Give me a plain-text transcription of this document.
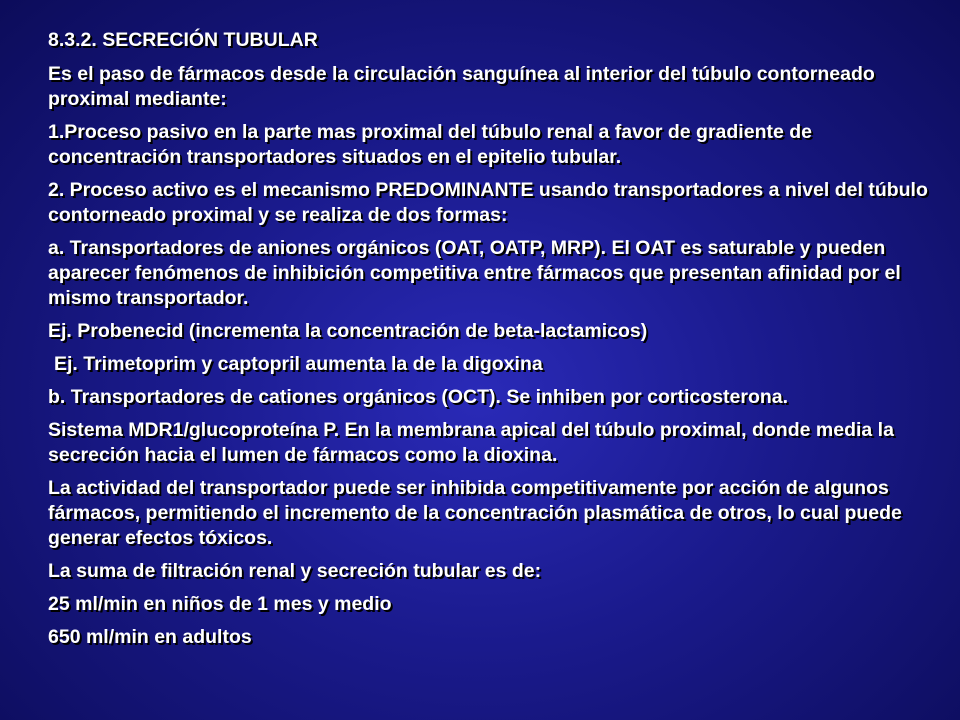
8.3.2. SECRECIÓN TUBULAR

Es el paso de fármacos desde la circulación sanguínea al interior del túbulo contorneado proximal mediante:

1.Proceso pasivo en la parte mas proximal del túbulo renal a favor de gradiente de concentración transportadores situados en el epitelio tubular.

2. Proceso activo es el mecanismo PREDOMINANTE usando transportadores a nivel del túbulo contorneado proximal y se realiza de dos formas:

a. Transportadores de aniones orgánicos (OAT, OATP, MRP). El OAT es saturable y pueden aparecer fenómenos de inhibición competitiva entre fármacos que presentan afinidad por el mismo transportador.

Ej. Probenecid (incrementa la concentración de beta-lactamicos)

Ej. Trimetoprim y captopril aumenta la de la digoxina

b. Transportadores de cationes orgánicos (OCT). Se inhiben por corticosterona.

Sistema MDR1/glucoproteína P. En la membrana apical del túbulo proximal, donde media la secreción hacia el lumen de fármacos como la dioxina.

La actividad del transportador puede ser inhibida competitivamente por acción de algunos fármacos, permitiendo el incremento de la concentración plasmática de otros, lo cual puede generar efectos tóxicos.

La suma de filtración renal y secreción tubular es de:

25 ml/min en niños de 1 mes y medio

650 ml/min en adultos
